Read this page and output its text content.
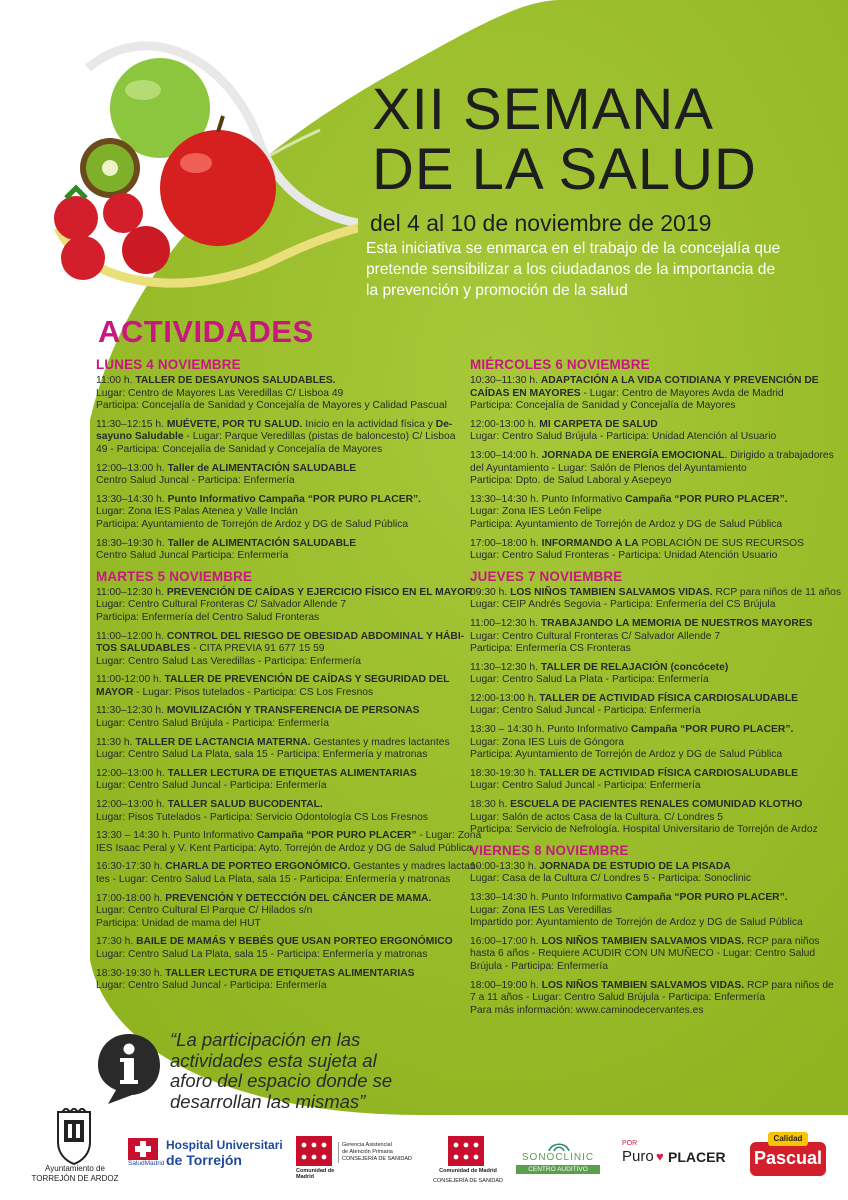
XII SEMANA
DE LA SALUD
del 4 al 10 de noviembre de 2019
Esta iniciativa se enmarca en el trabajo de la concejalía que
pretende sensibilizar a los ciudadanos de la importancia de
la prevención y promoción de la salud
ACTIVIDADES
LUNES 4 NOVIEMBRE
11:00 h. TALLER DE DESAYUNOS SALUDABLES.
Lugar: Centro de Mayores Las Veredillas C/ Lisboa 49
Participa: Concejalía de Sanidad y Concejalía de Mayores y Calidad Pascual
11:30–12:15 h. MUÉVETE, POR TU SALUD. Inicio en la actividad física y De-
sayuno Saludable - Lugar: Parque Veredillas (pistas de baloncesto) C/ Lisboa
49 - Participa: Concejalía de Sanidad y Concejalía de Mayores
12:00–13:00 h. Taller de ALIMENTACIÓN SALUDABLE
Centro Salud Juncal - Participa: Enfermería
13:30–14:30 h. Punto Informativo Campaña “POR PURO PLACER”.
Lugar: Zona IES Palas Atenea y Valle Inclán
Participa: Ayuntamiento de Torrejón de Ardoz y DG de Salud Pública
18:30–19:30 h. Taller de ALIMENTACIÓN SALUDABLE
Centro Salud Juncal Participa: Enfermería
MARTES 5 NOVIEMBRE
11:00–12:30 h. PREVENCIÓN DE CAÍDAS Y EJERCICIO FÍSICO EN EL MAYOR
Lugar: Centro Cultural Fronteras C/ Salvador Allende 7
Participa: Enfermería del Centro Salud Fronteras
11:00–12:00 h. CONTROL DEL RIESGO DE OBESIDAD ABDOMINAL Y HÁBI-
TOS SALUDABLES - CITA PREVIA 91 677 15 59
Lugar: Centro Salud Las Veredillas - Participa: Enfermería
11:00-12:00 h. TALLER DE PREVENCIÓN DE CAÍDAS Y SEGURIDAD DEL
MAYOR - Lugar: Pisos tutelados - Participa: CS Los Fresnos
11:30–12:30 h. MOVILIZACIÓN Y TRANSFERENCIA DE PERSONAS
Lugar: Centro Salud Brújula - Participa: Enfermería
11:30 h. TALLER DE LACTANCIA MATERNA. Gestantes y madres lactantes
Lugar: Centro Salud La Plata, sala 15 - Participa: Enfermería y matronas
12:00–13:00 h. TALLER LECTURA DE ETIQUETAS ALIMENTARIAS
Lugar: Centro Salud Juncal - Participa: Enfermería
12:00–13:00 h. TALLER SALUD BUCODENTAL.
Lugar: Pisos Tutelados - Participa: Servicio Odontología CS Los Fresnos
13:30 – 14:30 h. Punto Informativo Campaña “POR PURO PLACER” - Lugar: Zona
IES Isaac Peral y V. Kent Participa: Ayto. Torrejón de Ardoz y DG de Salud Pública
16:30-17:30 h. CHARLA DE PORTEO ERGONÓMICO. Gestantes y madres lactan-
tes - Lugar: Centro Salud La Plata, sala 15 - Participa: Enfermería y matronas
17:00-18:00 h. PREVENCIÓN Y DETECCIÓN DEL CÁNCER DE MAMA.
Lugar: Centro Cultural El Parque C/ Hilados s/n
Participa: Unidad de mama del HUT
17:30 h. BAILE DE MAMÁS Y BEBÉS QUE USAN PORTEO ERGONÓMICO
Lugar: Centro Salud La Plata, sala 15 - Participa: Enfermería y matronas
18:30-19:30 h. TALLER LECTURA DE ETIQUETAS ALIMENTARIAS
Lugar: Centro Salud Juncal - Participa: Enfermería
MIÉRCOLES 6 NOVIEMBRE
10:30–11:30 h. ADAPTACIÓN A LA VIDA COTIDIANA Y PREVENCIÓN DE
CAÍDAS EN MAYORES - Lugar: Centro de Mayores Avda de Madrid
Participa: Concejalía de Sanidad y Concejalía de Mayores
12:00-13:00 h. MI CARPETA DE SALUD
Lugar: Centro Salud Brújula - Participa: Unidad Atención al Usuario
13:00–14:00 h. JORNADA DE ENERGÍA EMOCIONAL. Dirigido a trabajadores
del Ayuntamiento - Lugar: Salón de Plenos del Ayuntamiento
Participa: Dpto. de Salud Laboral y Asepeyo
13:30–14:30 h. Punto Informativo Campaña “POR PURO PLACER”.
Lugar: Zona IES León Felipe
Participa: Ayuntamiento de Torrejón de Ardoz y DG de Salud Pública
17:00–18:00 h. INFORMANDO A LA POBLACIÓN DE SUS RECURSOS
Lugar: Centro Salud Fronteras - Participa: Unidad Atención Usuario
JUEVES 7 NOVIEMBRE
09:30 h. LOS NIÑOS TAMBIEN SALVAMOS VIDAS. RCP para niños de 11 años
Lugar: CEIP Andrés Segovia - Participa: Enfermería del CS Brújula
11:00–12:30 h. TRABAJANDO LA MEMORIA DE NUESTROS MAYORES
Lugar: Centro Cultural Fronteras C/ Salvador Allende 7
Participa: Enfermería CS Fronteras
11:30–12:30 h. TALLER DE RELAJACIÓN (concócete)
Lugar: Centro Salud La Plata - Participa: Enfermería
12:00-13:00 h. TALLER DE ACTIVIDAD FÍSICA CARDIOSALUDABLE
Lugar: Centro Salud Juncal - Participa: Enfermería
13:30 – 14:30 h. Punto Informativo Campaña “POR PURO PLACER”.
Lugar: Zona IES Luis de Góngora
Participa: Ayuntamiento de Torrejón de Ardoz y DG de Salud Pública
18:30-19:30 h. TALLER DE ACTIVIDAD FÍSICA CARDIOSALUDABLE
Lugar: Centro Salud Juncal - Participa: Enfermería
18:30 h. ESCUELA DE PACIENTES RENALES COMUNIDAD KLOTHO
Lugar: Salón de actos Casa de la Cultura. C/ Londres 5
Participa: Servicio de Nefrología. Hospital Universitario de Torrejón de Ardoz
VIERNES 8 NOVIEMBRE
10:00-13:30 h. JORNADA DE ESTUDIO DE LA PISADA
Lugar: Casa de la Cultura C/ Londres 5 - Participa: Sonoclinic
13:30–14:30 h. Punto Informativo Campaña “POR PURO PLACER”.
Lugar: Zona IES Las Veredillas
Impartido por: Ayuntamiento de Torrejón de Ardoz y DG de Salud Pública
16:00–17:00 h. LOS NIÑOS TAMBIEN SALVAMOS VIDAS. RCP para niños
hasta 6 años - Requiere ACUDIR CON UN MUÑECO - Lugar: Centro Salud
Brújula - Participa: Enfermería
18:00–19:00 h. LOS NIÑOS TAMBIEN SALVAMOS VIDAS. RCP para niños de
7 a 11 años - Lugar: Centro Salud Brújula - Participa: Enfermería
Para más información: www.caminodecervantes.es
“La participación en las
actividades esta sujeta al
aforo del espacio donde se
desarrollan las mismas”
Ayuntamiento de
TORREJÓN DE ARDOZ
SaludMadrid
Hospital Universitari
de Torrejón
Comunidad de Madrid
Gerencia Asistencial
de Atención Primaria
CONSEJERÍA DE SANIDAD
Comunidad de Madrid
CONSEJERÍA DE SANIDAD
SONOCLINIC
CENTRO AUDITIVO
POR
Puro ♥ PLACER
Calidad
Pascual
